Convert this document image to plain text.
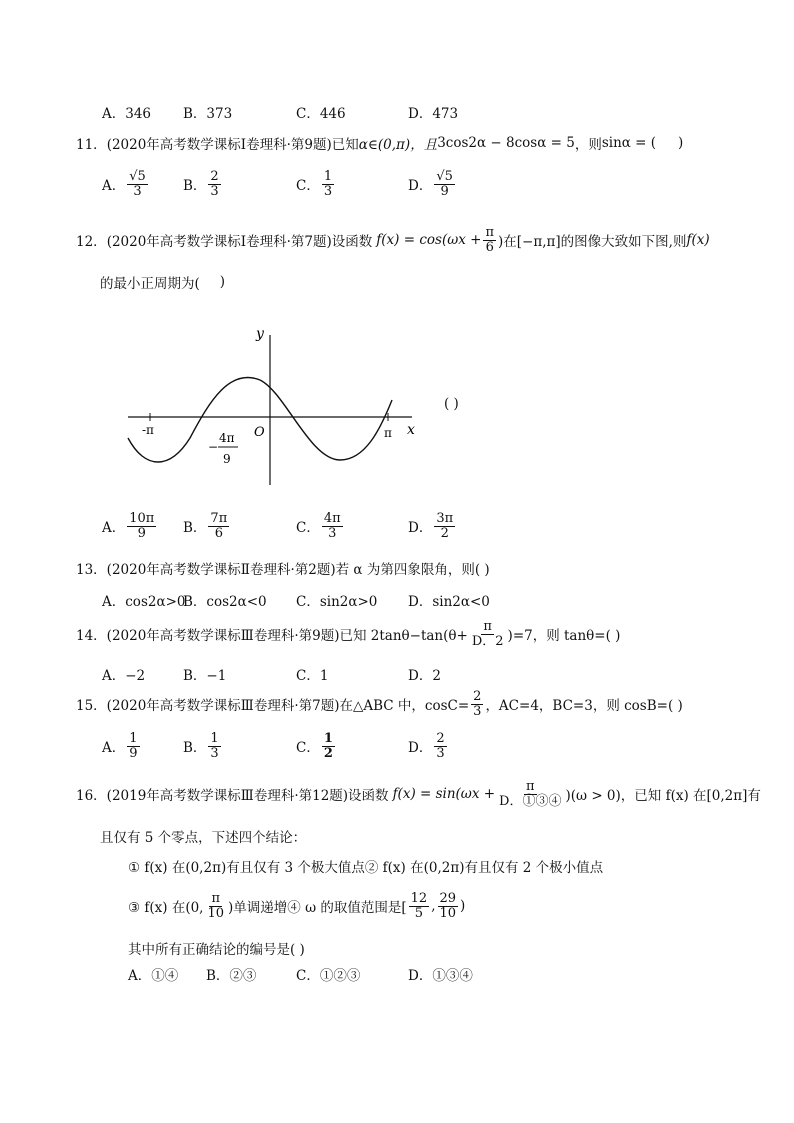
A．346 B．373	C．446	D．473
11． (2020年高考数学课标Ⅰ卷理科·第9题)已知 α∈(0,π)，且 3cos2α − 8cosα = 5 ，则 sinα = ( )
A． $\frac{√5}{3}$	B． $\frac{2}{3}$	C． $\frac{1}{3}$	D． $\frac{√5}{9}$
12． (2020年高考数学课标Ⅰ卷理科·第7题)设函数 $f(x) = \cos(\omega x + \frac{\pi}{6}$ )在[−π,π]的图像大致如下图,则 f(x)
的最小正周期为( )
y
x
O
-π	π
−
4π
9
( )
A． $\frac{10\pi}{9}$ B． $\frac{7\pi}{6}$	C． $\frac{4\pi}{3}$	D． $\frac{3\pi}{2}$
13．(2020年高考数学课标Ⅱ卷理科·第2题)若 α 为第四象限角，则( )
A．cos2α>0
B．cos2α<0 C．sin2α>0 D．sin2α<0
14．(2020年高考数学课标Ⅲ卷理科·第9题)已知 $2\tan\theta-\tan(\theta+ \frac{\pi}{D.2} )=7$，则 tanθ=( )
A．−2	B．−1	C．1	D．2
15．(2020年高考数学课标Ⅲ卷理科·第7题)在△ABC 中，$\cos C= \frac{2}{3}$ ，AC=4，BC=3，则 cosB=( )
A． $\frac{1}{9}$	B． $\frac{1}{3}$	C． $\frac{1}{2}$	D． $\frac{2}{3}$
16．(2019年高考数学课标Ⅲ卷理科·第12题)设函数 $f(x) = \sin(\omega x + \frac{\pi}{\text{D．①③④}} )(\omega > 0)$，已知 f(x) 在[0,2π]有
且仅有 5 个零点，下述四个结论：
① f(x) 在(0,2π)有且仅有 3 个极大值点② f(x) 在(0,2π)有且仅有 2 个极小值点
③ f(x) 在(0, $\frac{\pi}{10}$ )单调递增④ ω 的取值范围是[ $\frac{12}{5}$ , $\frac{29}{10}$ )
其中所有正确结论的编号是( )
A．①④ B．②③	C．①②③	D．①③④
